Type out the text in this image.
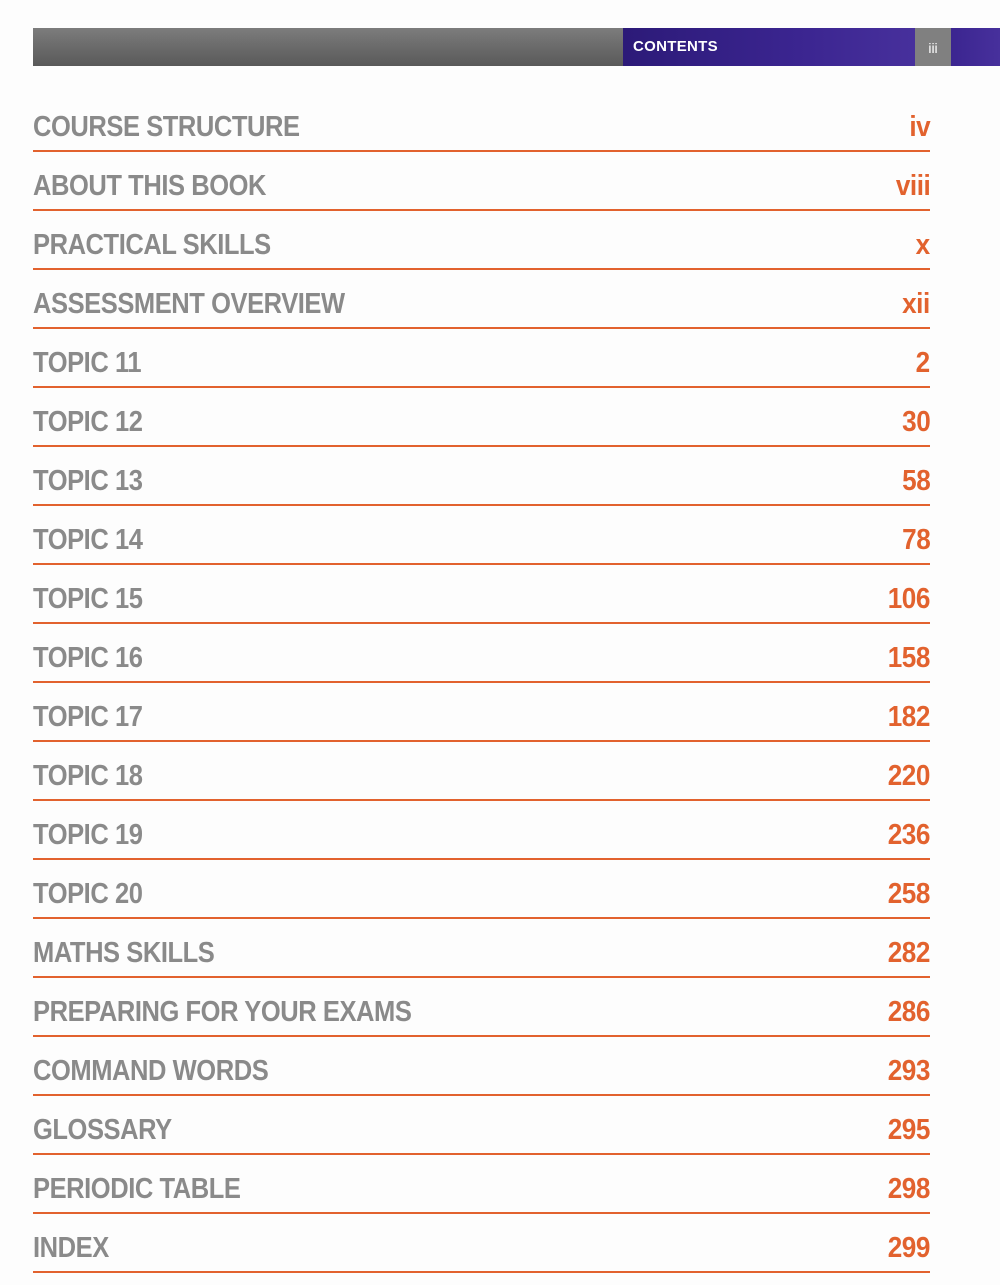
CONTENTS	iii
COURSE STRUCTURE	iv
ABOUT THIS BOOK	viii
PRACTICAL SKILLS	x
ASSESSMENT OVERVIEW	xii
TOPIC 11	2
TOPIC 12	30
TOPIC 13	58
TOPIC 14	78
TOPIC 15	106
TOPIC 16	158
TOPIC 17	182
TOPIC 18	220
TOPIC 19	236
TOPIC 20	258
MATHS SKILLS	282
PREPARING FOR YOUR EXAMS	286
COMMAND WORDS	293
GLOSSARY	295
PERIODIC TABLE	298
INDEX	299
